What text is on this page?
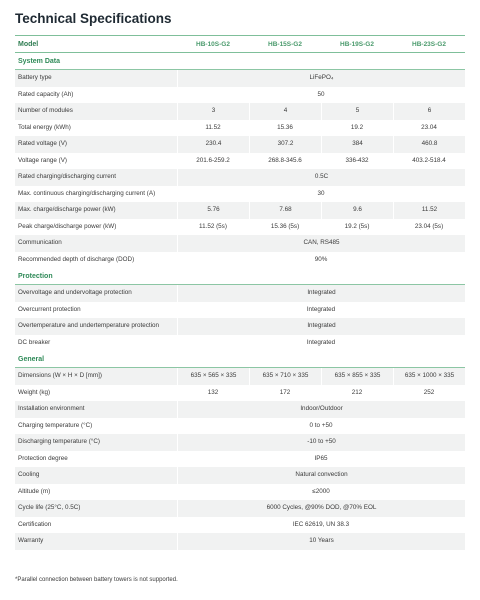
Technical Specifications
Model	HB-10S-G2	HB-15S-G2	HB-19S-G2	HB-23S-G2
System Data				
Battery type	LiFePO₄			
Rated capacity (Ah)	50			
Number of modules	3	4	5	6
Total energy (kWh)	11.52	15.36	19.2	23.04
Rated voltage (V)	230.4	307.2	384	460.8
Voltage range (V)	201.6-259.2	268.8-345.6	336-432	403.2-518.4
Rated charging/discharging current	0.5C			
Max. continuous charging/discharging current (A)	30			
Max. charge/discharge power (kW)	5.76	7.68	9.6	11.52
Peak charge/discharge power (kW)	11.52 (5s)	15.36 (5s)	19.2 (5s)	23.04 (5s)
Communication	CAN, RS485			
Recommended depth of discharge (DOD)	90%			
Protection				
Overvoltage and undervoltage protection	Integrated			
Overcurrent protection	Integrated			
Overtemperature and undertemperature protection	Integrated			
DC breaker	Integrated			
General				
Dimensions (W × H × D [mm])	635 × 565 × 335	635 × 710 × 335	635 × 855 × 335	635 × 1000 × 335
Weight (kg)	132	172	212	252
Installation environment	Indoor/Outdoor			
Charging temperature (°C)	0 to +50			
Discharging temperature (°C)	-10 to +50			
Protection degree	IP65			
Cooling	Natural convection			
Altitude (m)	≤2000			
Cycle life (25°C, 0.5C)	6000 Cycles, @90% DOD, @70% EOL			
Certification	IEC 62619, UN 38.3			
Warranty	10 Years			
*Parallel connection between battery towers is not supported.
